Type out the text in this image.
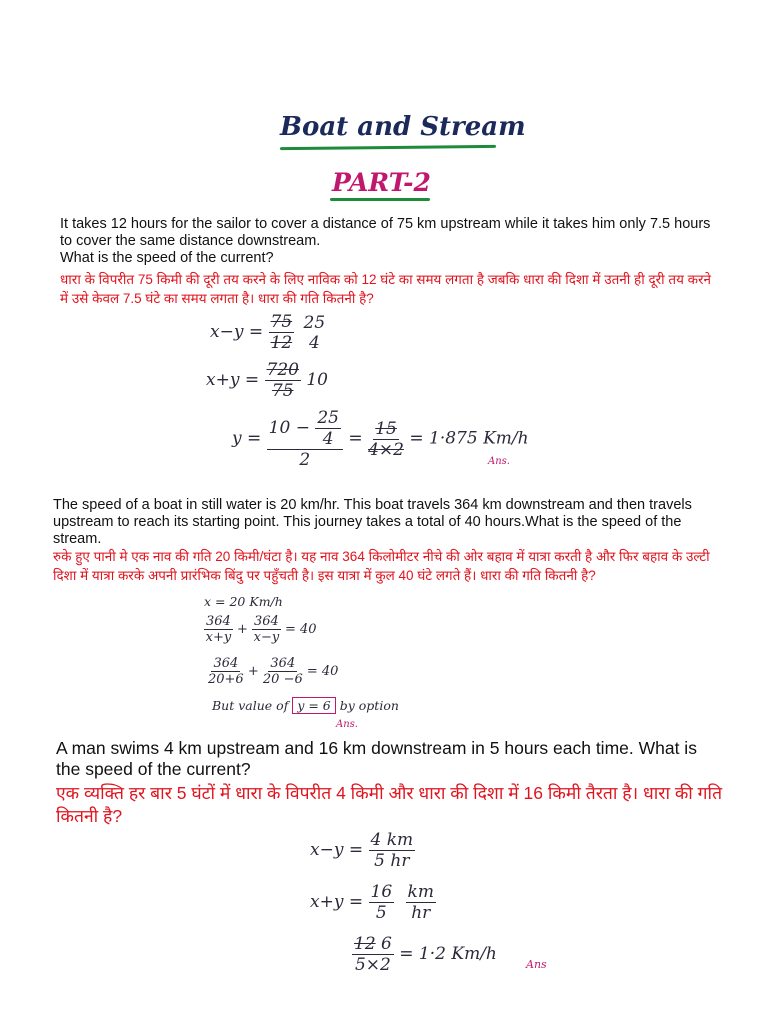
Boat and Stream
PART-2
It takes 12 hours for the sailor to cover a distance of 75 km upstream while it takes him only 7.5 hours to cover the same distance downstream.
What is the speed of the current?
धारा के विपरीत 75 किमी की दूरी तय करने के लिए नाविक को 12 घंटे का समय लगता है जबकि धारा की दिशा में उतनी ही दूरी तय करने में उसे केवल 7.5 घंटे का समय लगता है। धारा की गति कितनी है?
$x-y = \frac{75}{12}$
25
4
$x+y = \frac{720}{75} 10$
$y = \frac{10 - \frac{25}{4}}{2} = \frac{15}{4\times 2} = 1\cdot 875$ Km/h
Ans.
The speed of a boat in still water is 20 km/hr. This boat travels 364 km downstream and then travels upstream to reach its starting point. This journey takes a total of 40 hours.What is the speed of the stream.
रुके हुए पानी मे एक नाव की गति 20 किमी/घंटा है। यह नाव 364 किलोमीटर नीचे की ओर बहाव में यात्रा करती है और फिर बहाव के उल्टी दिशा में यात्रा करके अपनी प्रारंभिक बिंदु पर पहुँचती है। इस यात्रा में कुल 40 घंटे लगते हैं। धारा की गति कितनी है?
x = 20 Km/h
$\frac{364}{x+y} + \frac{364}{x-y} = 40$
$\frac{364}{20+6} + \frac{364}{20 -6} = 40$
But value of y = 6 by option
Ans.
A man swims 4 km upstream and 16 km downstream in 5 hours each time. What is the speed of the current?
एक व्यक्ति हर बार 5 घंटों में धारा के विपरीत 4 किमी और धारा की दिशा में 16 किमी तैरता है। धारा की गति कितनी है?
$x-y = \frac{4 km}{5 hr}$
$x+y = \frac{16}{5}$
$\frac{km}{hr}$
$\frac{12 6}{5\times 2} = 1\cdot 2$ Km/h
Ans
